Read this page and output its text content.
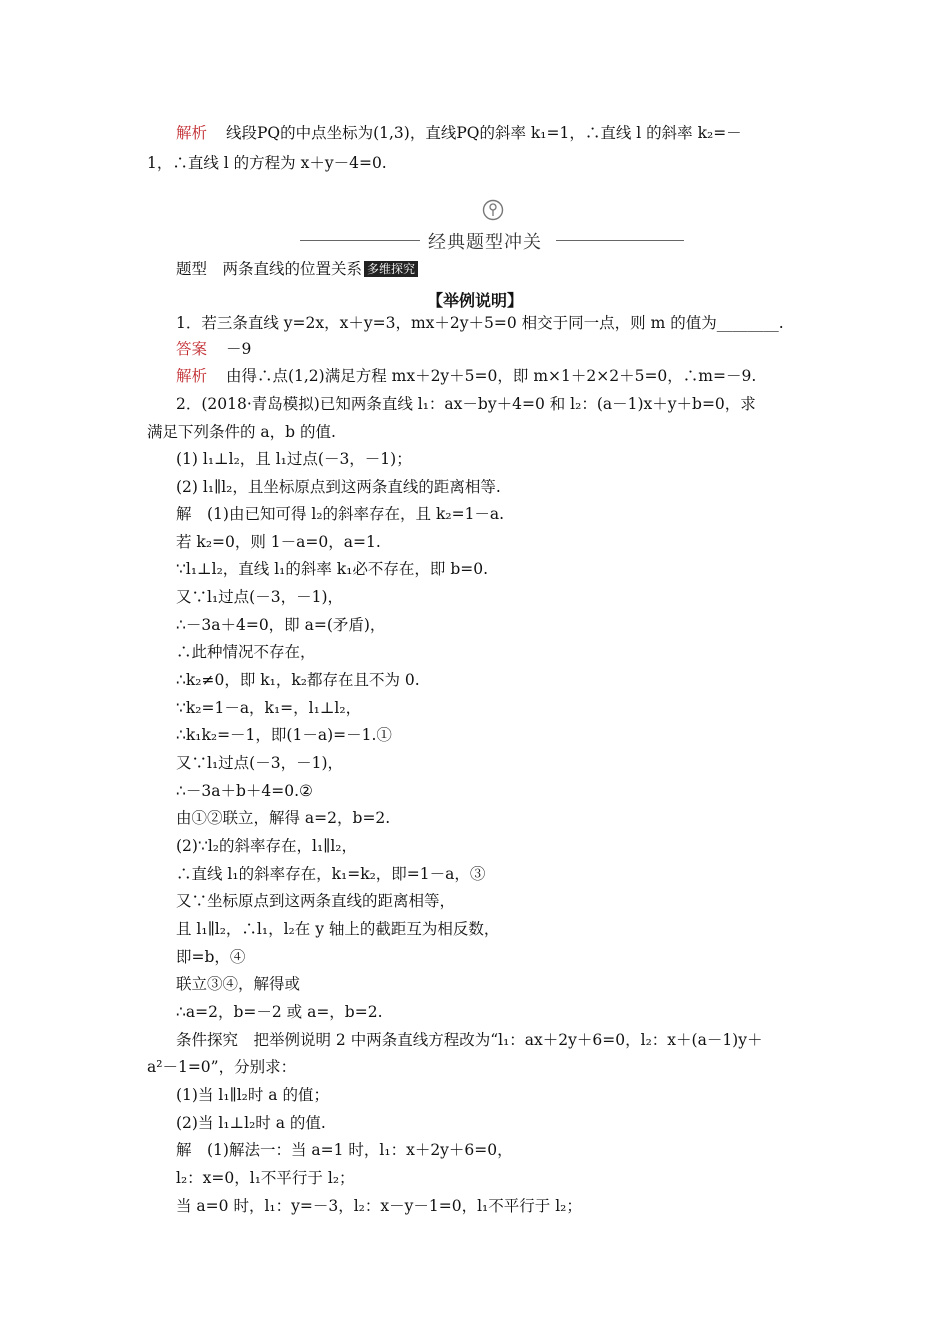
解析 线段PQ的中点坐标为(1,3)，直线PQ的斜率 k₁=1，∴直线 l 的斜率 k₂=－
1，∴直线 l 的方程为 x＋y－4=0.
经典题型冲关
题型　两条直线的位置关系 多维探究
【举例说明】
1．若三条直线 y=2x，x＋y=3，mx＋2y＋5=0 相交于同一点，则 m 的值为________.
答案 －9
解析 由得∴点(1,2)满足方程 mx＋2y＋5=0，即 m×1＋2×2＋5=0，∴m=－9.
2．(2018·青岛模拟)已知两条直线 l₁：ax－by＋4=0 和 l₂：(a－1)x＋y＋b=0，求
满足下列条件的 a，b 的值.
(1) l₁⊥l₂，且 l₁过点(－3，－1)；
(2) l₁∥l₂，且坐标原点到这两条直线的距离相等.
解　(1)由已知可得 l₂的斜率存在，且 k₂=1－a.
若 k₂=0，则 1－a=0，a=1.
∵l₁⊥l₂，直线 l₁的斜率 k₁必不存在，即 b=0.
又∵l₁过点(－3，－1)，
∴－3a＋4=0，即 a=(矛盾)，
∴此种情况不存在，
∴k₂≠0，即 k₁，k₂都存在且不为 0.
∵k₂=1－a，k₁=，l₁⊥l₂，
∴k₁k₂=－1，即(1－a)=－1.①
又∵l₁过点(－3，－1)，
∴－3a＋b＋4=0.②
由①②联立，解得 a=2，b=2.
(2)∵l₂的斜率存在，l₁∥l₂，
∴直线 l₁的斜率存在，k₁=k₂，即=1－a，③
又∵坐标原点到这两条直线的距离相等，
且 l₁∥l₂，∴l₁，l₂在 y 轴上的截距互为相反数，
即=b，④
联立③④，解得或
∴a=2，b=－2 或 a=，b=2.
条件探究　把举例说明 2 中两条直线方程改为“l₁：ax＋2y＋6=0，l₂：x＋(a－1)y＋
a²－1=0”，分别求：
(1)当 l₁∥l₂时 a 的值；
(2)当 l₁⊥l₂时 a 的值.
解　(1)解法一：当 a=1 时，l₁：x＋2y＋6=0，
l₂：x=0，l₁不平行于 l₂；
当 a=0 时，l₁：y=－3，l₂：x－y－1=0，l₁不平行于 l₂；
